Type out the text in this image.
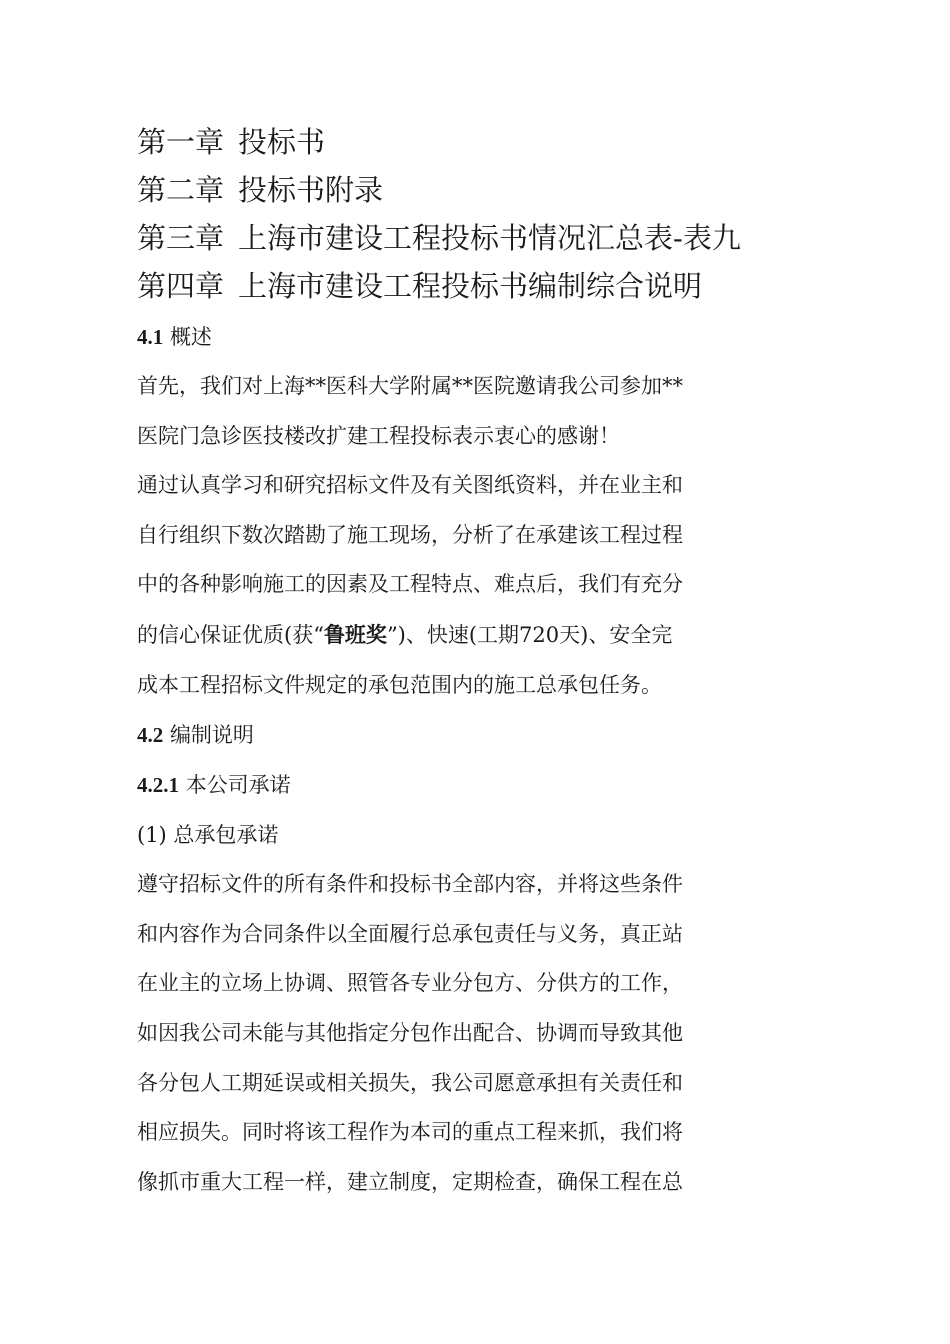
第一章 投标书
第二章 投标书附录
第三章 上海市建设工程投标书情况汇总表-表九
第四章 上海市建设工程投标书编制综合说明
4.1 概述
首先，我们对上海**医科大学附属**医院邀请我公司参加**
医院门急诊医技楼改扩建工程投标表示衷心的感谢！
通过认真学习和研究招标文件及有关图纸资料，并在业主和
自行组织下数次踏勘了施工现场，分析了在承建该工程过程
中的各种影响施工的因素及工程特点、难点后，我们有充分
的信心保证优质(获“鲁班奖”)、快速(工期720天)、安全完
成本工程招标文件规定的承包范围内的施工总承包任务。
4.2 编制说明
4.2.1 本公司承诺
(1) 总承包承诺
遵守招标文件的所有条件和投标书全部内容，并将这些条件
和内容作为合同条件以全面履行总承包责任与义务，真正站
在业主的立场上协调、照管各专业分包方、分供方的工作，
如因我公司未能与其他指定分包作出配合、协调而导致其他
各分包人工期延误或相关损失，我公司愿意承担有关责任和
相应损失。同时将该工程作为本司的重点工程来抓，我们将
像抓市重大工程一样，建立制度，定期检查，确保工程在总
